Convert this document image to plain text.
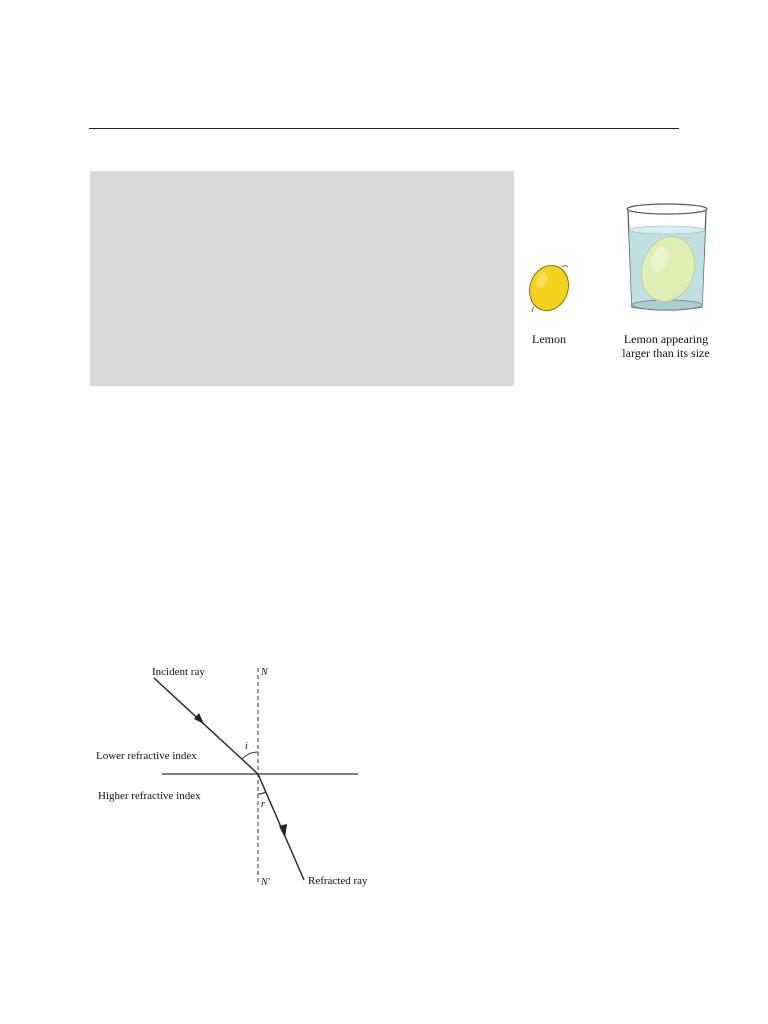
Lemon	Lemon appearing
larger than its size
Incident ray	N
i
Lower refractive index
Higher refractive index
r
N'	Refracted ray
